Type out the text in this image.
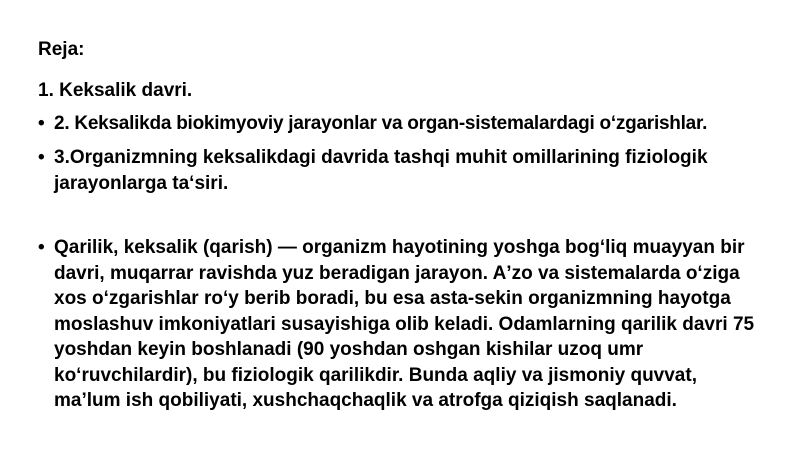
Reja:
1. Keksalik davri.
• 2. Keksalikda biokimyoviy jarayonlar va organ-sistemalardagi oʻzgarishlar.
• 3.Organizmning keksalikdagi davrida tashqi muhit omillarining fiziologik jarayonlarga taʻsiri.
• Qarilik, keksalik (qarish) — organizm hayotining yoshga bogʻliq muayyan bir davri, muqarrar ravishda yuz beradigan jarayon. Aʼzo va sistemalarda oʻziga xos oʻzgarishlar roʻy berib boradi, bu esa asta-sekin organizmning hayotga moslashuv imkoniyatlari susayishiga olib keladi. Odamlarning qarilik davri 75 yoshdan keyin boshlanadi (90 yoshdan oshgan kishilar uzoq umr koʻruvchilardir), bu fiziologik qarilikdir. Bunda aqliy va jismoniy quvvat, maʼlum ish qobiliyati, xushchaqchaqlik va atrofga qiziqish saqlanadi.
